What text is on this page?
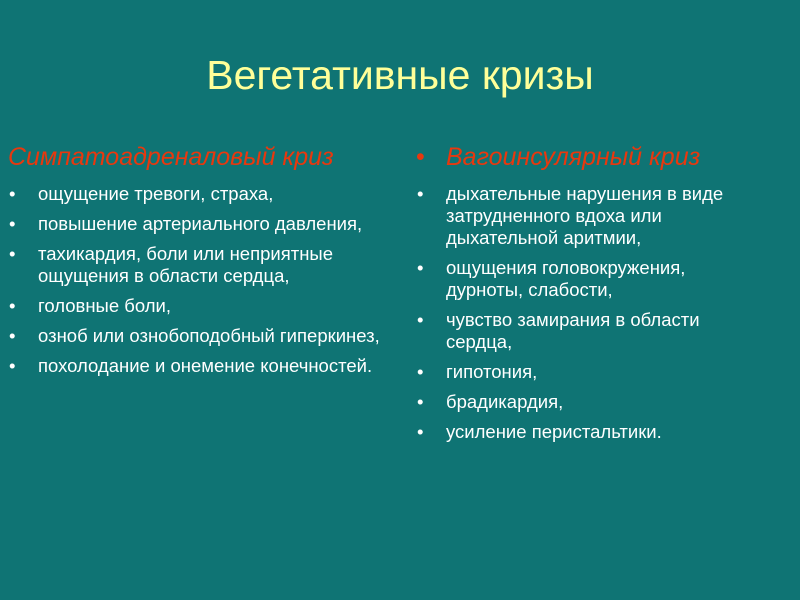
Вегетативные кризы
Симпатоадреналовый криз
• ощущение тревоги, страха,
• повышение артериального давления,
• тахикардия, боли или неприятные ощущения в области сердца,
• головные боли,
• озноб или ознобоподобный гиперкинез,
• похолодание и онемение конечностей.
• Вагоинсулярный криз
• дыхательные нарушения в виде затрудненного вдоха или дыхательной аритмии,
• ощущения головокружения, дурноты, слабости,
• чувство замирания в области сердца,
• гипотония,
• брадикардия,
• усиление перистальтики.
